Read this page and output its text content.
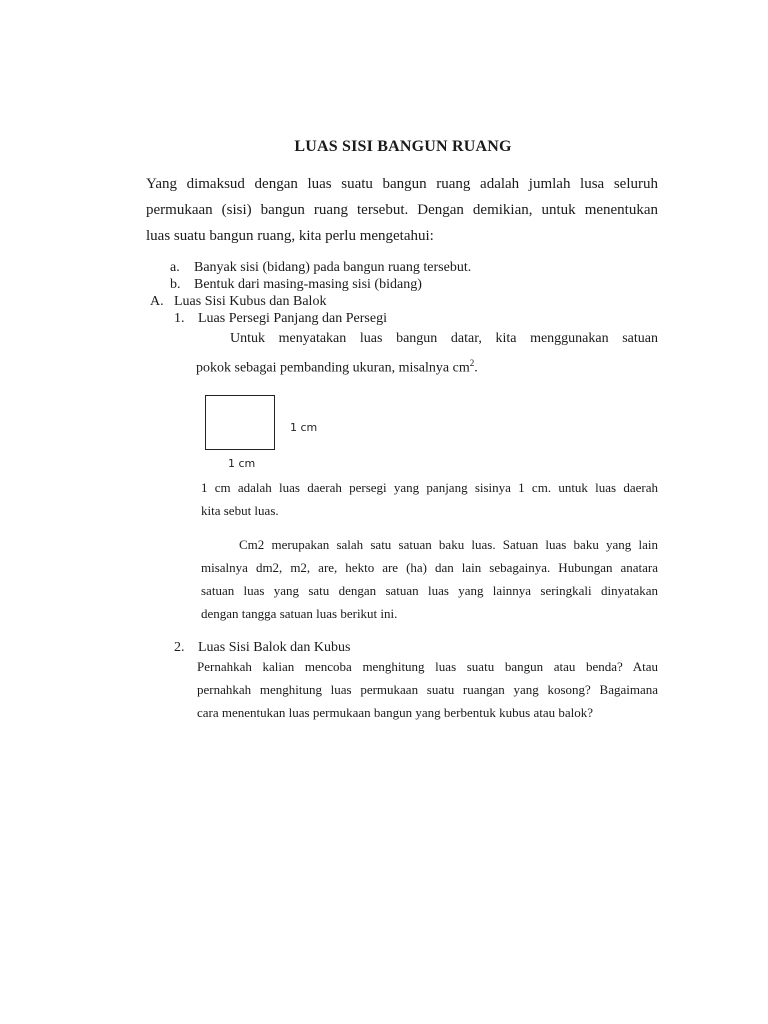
LUAS SISI BANGUN RUANG
Yang dimaksud dengan luas suatu bangun ruang adalah jumlah lusa seluruh
permukaan (sisi) bangun ruang tersebut. Dengan demikian, untuk menentukan
luas suatu bangun ruang, kita perlu mengetahui:
a.	Banyak sisi (bidang) pada bangun ruang tersebut.
b. Bentuk dari masing-masing sisi (bidang)
A. Luas Sisi Kubus dan Balok
1. Luas Persegi Panjang dan Persegi
Untuk menyatakan luas bangun datar, kita menggunakan satuan
pokok sebagai pembanding ukuran, misalnya $cm^2$.
1 cm
1 cm
1 cm adalah luas daerah persegi yang panjang sisinya 1 cm. untuk luas daerah
kita sebut luas.
Cm2 merupakan salah satu satuan baku luas. Satuan luas baku yang lain
misalnya dm2, m2, are, hekto are (ha) dan lain sebagainya. Hubungan anatara
satuan luas yang satu dengan satuan luas yang lainnya seringkali dinyatakan
dengan tangga satuan luas berikut ini.
2. Luas Sisi Balok dan Kubus
Pernahkah kalian mencoba menghitung luas suatu bangun atau benda? Atau
pernahkah menghitung luas permukaan suatu ruangan yang kosong? Bagaimana
cara menentukan luas permukaan bangun yang berbentuk kubus atau balok?
